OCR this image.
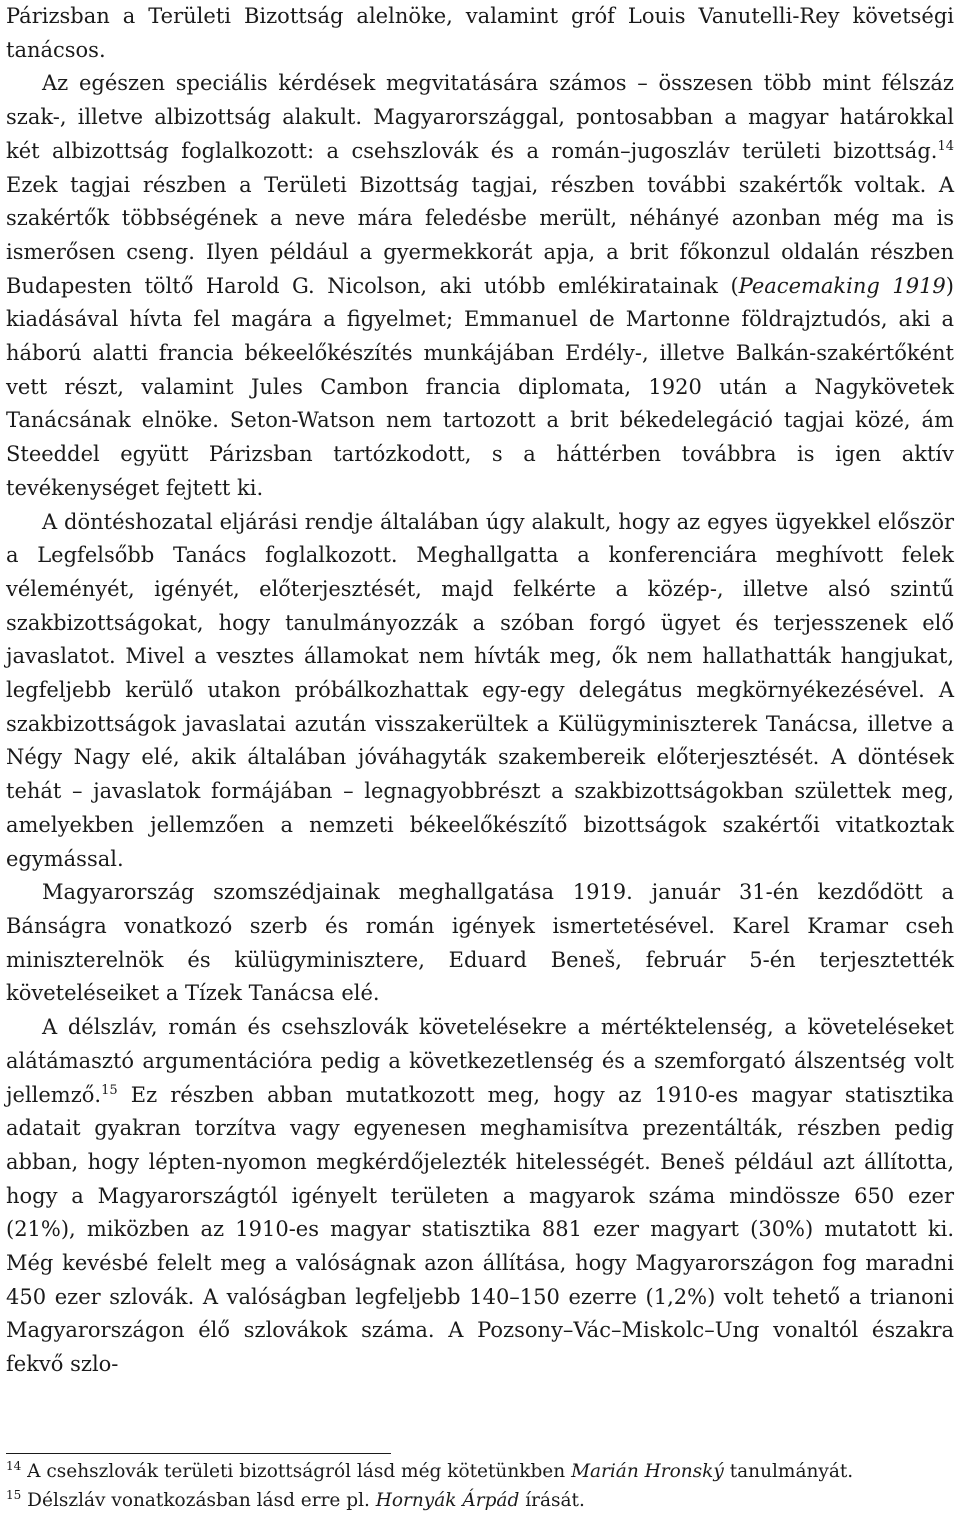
Párizsban a Területi Bizottság alelnöke, valamint gróf Louis Vanutelli-Rey követségi tanácsos.

Az egészen speciális kérdések megvitatására számos – összesen több mint félszáz szak-, illetve albizottság alakult. Magyarországgal, pontosabban a magyar határokkal két albizottság foglalkozott: a csehszlovák és a román–jugoszláv területi bizottság.$^{14}$ Ezek tagjai részben a Területi Bizottság tagjai, részben további szakértők voltak. A szakértők többségének a neve mára feledésbe merült, néhányé azonban még ma is ismerősen cseng. Ilyen például a gyermekkorát apja, a brit főkonzul oldalán részben Budapesten töltő Harold G. Nicolson, aki utóbb emlékiratainak (Peacemaking 1919) kiadásával hívta fel magára a figyelmet; Emmanuel de Martonne földrajztudós, aki a háború alatti francia békeelőkészítés munkájában Erdély-, illetve Balkán-szakértőként vett részt, valamint Jules Cambon francia diplomata, 1920 után a Nagykövetek Tanácsának elnöke. Seton-Watson nem tartozott a brit békedelegáció tagjai közé, ám Steeddel együtt Párizsban tartózkodott, s a háttérben továbbra is igen aktív tevékenységet fejtett ki.

A döntéshozatal eljárási rendje általában úgy alakult, hogy az egyes ügyekkel először a Legfelsőbb Tanács foglalkozott. Meghallgatta a konferenciára meghívott felek véleményét, igényét, előterjesztését, majd felkérte a közép-, illetve alsó szintű szakbizottságokat, hogy tanulmányozzák a szóban forgó ügyet és terjesszenek elő javaslatot. Mivel a vesztes államokat nem hívták meg, ők nem hallathatták hangjukat, legfeljebb kerülő utakon próbálkozhattak egy-egy delegátus megkörnyékezésével. A szakbizottságok javaslatai azután visszakerültek a Külügyminiszterek Tanácsa, illetve a Négy Nagy elé, akik általában jóváhagyták szakembereik előterjesztését. A döntések tehát – javaslatok formájában – legnagyobbrészt a szakbizottságokban születtek meg, amelyekben jellemzően a nemzeti békeelőkészítő bizottságok szakértői vitatkoztak egymással.

Magyarország szomszédjainak meghallgatása 1919. január 31-én kezdődött a Bánságra vonatkozó szerb és román igények ismertetésével. Karel Kramar cseh miniszterelnök és külügyminisztere, Eduard Beneš, február 5-én terjesztették követeléseiket a Tízek Tanácsa elé.

A délszláv, román és csehszlovák követelésekre a mértéktelenség, a követeléseket alátámasztó argumentációra pedig a következetlenség és a szemforgató álszentség volt jellemző.$^{15}$ Ez részben abban mutatkozott meg, hogy az 1910-es magyar statisztika adatait gyakran torzítva vagy egyenesen meghamisítva prezentálták, részben pedig abban, hogy lépten-nyomon megkérdőjelezték hitelességét. Beneš például azt állította, hogy a Magyarországtól igényelt területen a magyarok száma mindössze 650 ezer (21%), miközben az 1910-es magyar statisztika 881 ezer magyart (30%) mutatott ki. Még kevésbé felelt meg a valóságnak azon állítása, hogy Magyarországon fog maradni 450 ezer szlovák. A valóságban legfeljebb 140–150 ezerre (1,2%) volt tehető a trianoni Magyarországon élő szlovákok száma. A Pozsony–Vác–Miskolc–Ung vonaltól északra fekvő szlo-

$^{14}$ A csehszlovák területi bizottságról lásd még kötetünkben Marián Hronský tanulmányát.

$^{15}$ Délszláv vonatkozásban lásd erre pl. Hornyák Árpád írását.
